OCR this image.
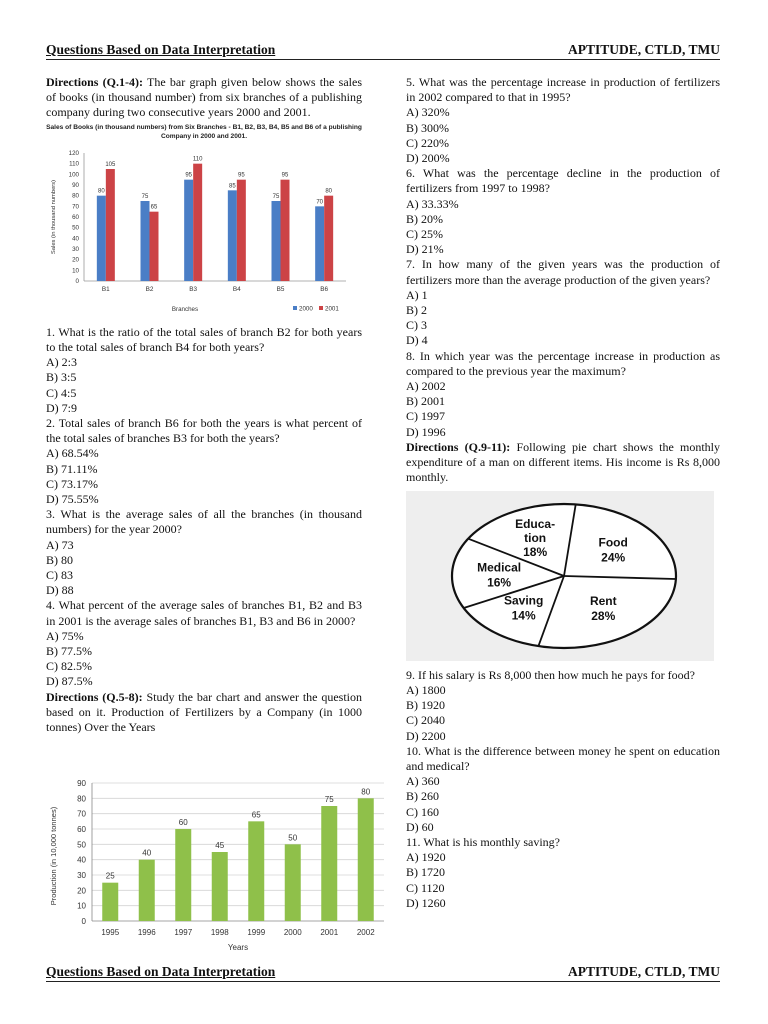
Questions Based on Data Interpretation	APTITUDE, CTLD, TMU

Directions (Q.1-4): The bar graph given below shows the sales of books (in thousand number) from six branches of a publishing company during two consecutive years 2000 and 2001.

Sales of Books (in thousand numbers) from Six Branches - B1, B2, B3, B4, B5 and B6 of a publishing Company in 2000 and 2001.
0
10
20
30
40
50
60
70
80
90
100
110
120
80
105
B1
75
65
B2
95
110
B3
85
95
B4
75
95
B5
70
80
B6
Sales (in thousand numbers)
Branches	2000 2001

1. What is the ratio of the total sales of branch B2 for both years to the total sales of branch B4 for both years?

A) 2:3

B) 3:5

C) 4:5

D) 7:9

2. Total sales of branch B6 for both the years is what percent of the total sales of branches B3 for both the years?

A) 68.54%

B) 71.11%

C) 73.17%

D) 75.55%

3. What is the average sales of all the branches (in thousand numbers) for the year 2000?

A) 73

B) 80

C) 83

D) 88

4. What percent of the average sales of branches B1, B2 and B3 in 2001 is the average sales of branches B1, B3 and B6 in 2000?

A) 75%

B) 77.5%

C) 82.5%

D) 87.5%

Directions (Q.5-8): Study the bar chart and answer the question based on it. Production of Fertilizers by a Company (in 1000 tonnes) Over the Years

0
10
20
30
40
50
60
70
80
90
25
1995
40
1996
60
1997
45
1998
65
1999
50
2000
75
2001
80
2002
Production (in 10,000 tonnes)
Years

5. What was the percentage increase in production of fertilizers in 2002 compared to that in 1995?

A) 320%

B) 300%

C) 220%

D) 200%

6. What was the percentage decline in the production of fertilizers from 1997 to 1998?

A) 33.33%

B) 20%

C) 25%

D) 21%

7. In how many of the given years was the production of fertilizers more than the average production of the given years?

A) 1

B) 2

C) 3

D) 4

8. In which year was the percentage increase in production as compared to the previous year the maximum?

A) 2002

B) 2001

C) 1997

D) 1996

Directions (Q.9-11): Following pie chart shows the monthly expenditure of a man on different items. His income is Rs 8,000 monthly.

Food
24%
Rent
28%
Saving
14%
Medical
16%
Educa-
tion
18%

9. If his salary is Rs 8,000 then how much he pays for food?

A) 1800

B) 1920

C) 2040

D) 2200

10. What is the difference between money he spent on education and medical?

A) 360

B) 260

C) 160

D) 60

11. What is his monthly saving?

A) 1920

B) 1720

C) 1120

D) 1260

Questions Based on Data Interpretation	APTITUDE, CTLD, TMU
